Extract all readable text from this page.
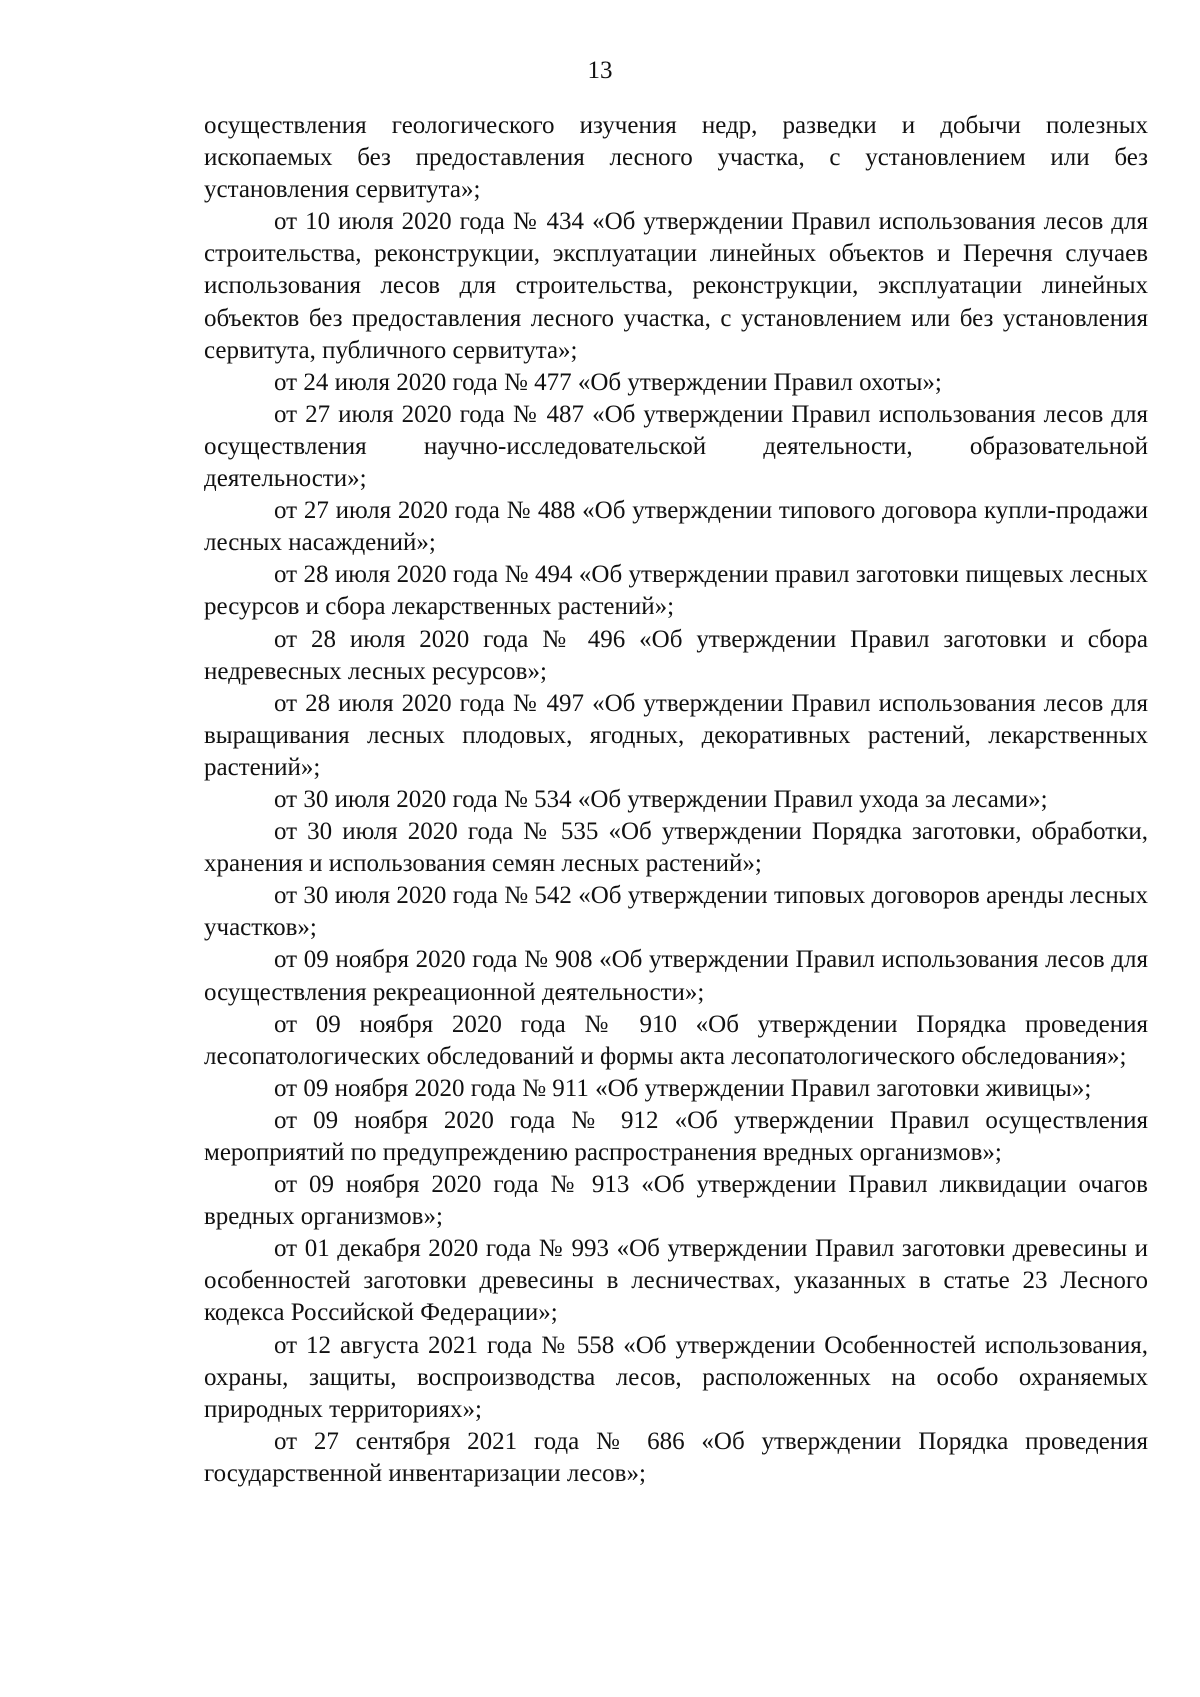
13

осуществления геологического изучения недр, разведки и добычи полезных ископаемых без предоставления лесного участка, с установлением или без установления сервитута»;

от 10 июля 2020 года № 434 «Об утверждении Правил использования лесов для строительства, реконструкции, эксплуатации линейных объектов и Перечня случаев использования лесов для строительства, реконструкции, эксплуатации линейных объектов без предоставления лесного участка, с установлением или без установления сервитута, публичного сервитута»;

от 24 июля 2020 года № 477 «Об утверждении Правил охоты»;

от 27 июля 2020 года № 487 «Об утверждении Правил использования лесов для осуществления научно-исследовательской деятельности, образовательной деятельности»;

от 27 июля 2020 года № 488 «Об утверждении типового договора купли-продажи лесных насаждений»;

от 28 июля 2020 года № 494 «Об утверждении правил заготовки пищевых лесных ресурсов и сбора лекарственных растений»;

от 28 июля 2020 года № 496 «Об утверждении Правил заготовки и сбора недревесных лесных ресурсов»;

от 28 июля 2020 года № 497 «Об утверждении Правил использования лесов для выращивания лесных плодовых, ягодных, декоративных растений, лекарственных растений»;

от 30 июля 2020 года № 534 «Об утверждении Правил ухода за лесами»;

от 30 июля 2020 года № 535 «Об утверждении Порядка заготовки, обработки, хранения и использования семян лесных растений»;

от 30 июля 2020 года № 542 «Об утверждении типовых договоров аренды лесных участков»;

от 09 ноября 2020 года № 908 «Об утверждении Правил использования лесов для осуществления рекреационной деятельности»;

от 09 ноября 2020 года № 910 «Об утверждении Порядка проведения лесопатологических обследований и формы акта лесопатологического обследования»;

от 09 ноября 2020 года № 911 «Об утверждении Правил заготовки живицы»;

от 09 ноября 2020 года № 912 «Об утверждении Правил осуществления мероприятий по предупреждению распространения вредных организмов»;

от 09 ноября 2020 года № 913 «Об утверждении Правил ликвидации очагов вредных организмов»;

от 01 декабря 2020 года № 993 «Об утверждении Правил заготовки древесины и особенностей заготовки древесины в лесничествах, указанных в статье 23 Лесного кодекса Российской Федерации»;

от 12 августа 2021 года № 558 «Об утверждении Особенностей использования, охраны, защиты, воспроизводства лесов, расположенных на особо охраняемых природных территориях»;

от 27 сентября 2021 года № 686 «Об утверждении Порядка проведения государственной инвентаризации лесов»;
